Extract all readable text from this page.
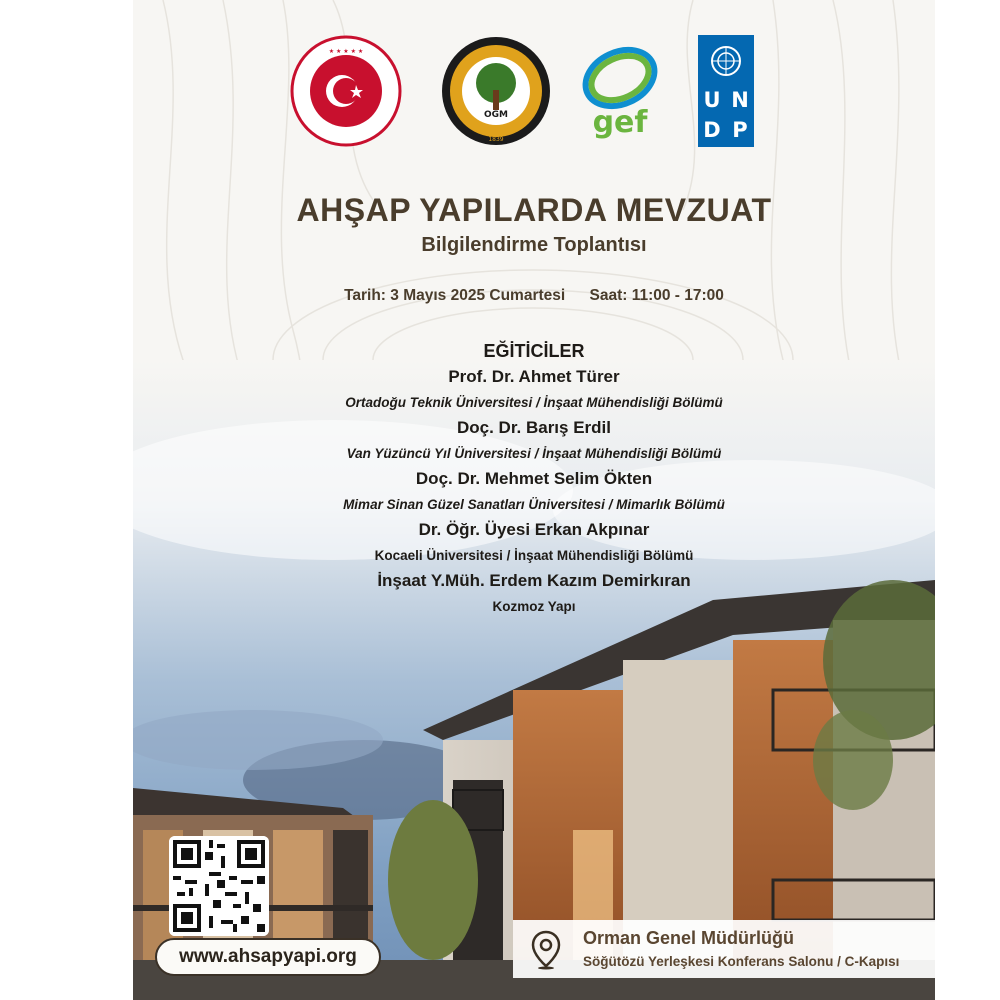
★ ★ ★ ★ ★
OGM
1839	gef
U N
D P
AHŞAP YAPILARDA MEVZUAT
Bilgilendirme Toplantısı
Tarih: 3 Mayıs 2025 Cumartesi Saat: 11:00 - 17:00
EĞİTİCİLER
Prof. Dr. Ahmet Türer
Ortadoğu Teknik Üniversitesi / İnşaat Mühendisliği Bölümü
Doç. Dr. Barış Erdil
Van Yüzüncü Yıl Üniversitesi / İnşaat Mühendisliği Bölümü
Doç. Dr. Mehmet Selim Ökten
Mimar Sinan Güzel Sanatları Üniversitesi / Mimarlık Bölümü
Dr. Öğr. Üyesi Erkan Akpınar
Kocaeli Üniversitesi / İnşaat Mühendisliği Bölümü
İnşaat Y.Müh. Erdem Kazım Demirkıran
Kozmoz Yapı
www.ahsapyapi.org
Orman Genel Müdürlüğü
Söğütözü Yerleşkesi Konferans Salonu / C-Kapısı
